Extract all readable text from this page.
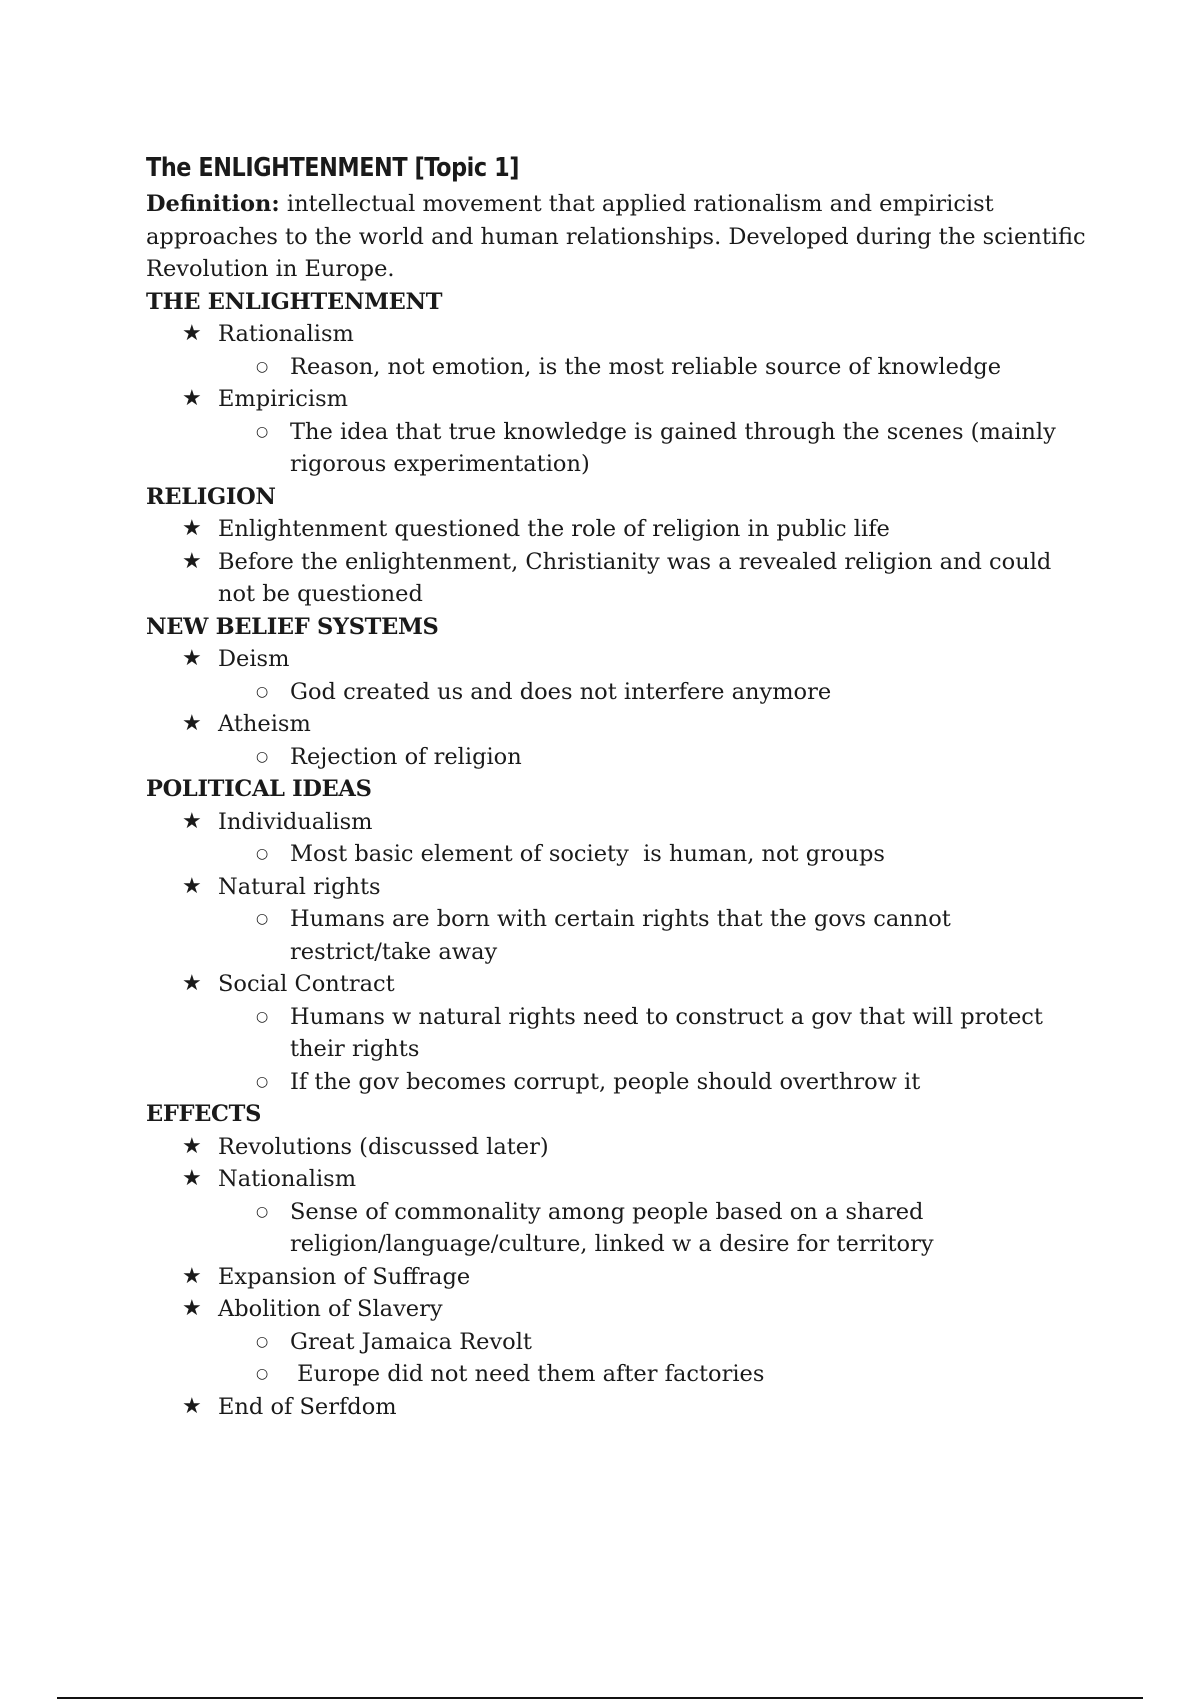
The ENLIGHTENMENT [Topic 1]

Definition: intellectual movement that applied rationalism and empiricist approaches to the world and human relationships. Developed during the scientific Revolution in Europe.

THE ENLIGHTENMENT
★ Rationalism
○ Reason, not emotion, is the most reliable source of knowledge
★ Empiricism
○ The idea that true knowledge is gained through the scenes (mainly rigorous experimentation)
RELIGION
★ Enlightenment questioned the role of religion in public life
★ Before the enlightenment, Christianity was a revealed religion and could not be questioned
NEW BELIEF SYSTEMS
★ Deism
○ God created us and does not interfere anymore
★ Atheism
○ Rejection of religion
POLITICAL IDEAS
★ Individualism
○ Most basic element of society  is human, not groups
★ Natural rights
○ Humans are born with certain rights that the govs cannot restrict/take away
★ Social Contract
○ Humans w natural rights need to construct a gov that will protect their rights
○ If the gov becomes corrupt, people should overthrow it
EFFECTS
★ Revolutions (discussed later)
★ Nationalism
○ Sense of commonality among people based on a shared religion/language/culture, linked w a desire for territory
★ Expansion of Suffrage
★ Abolition of Slavery
○ Great Jamaica Revolt
○ Europe did not need them after factories
★ End of Serfdom
